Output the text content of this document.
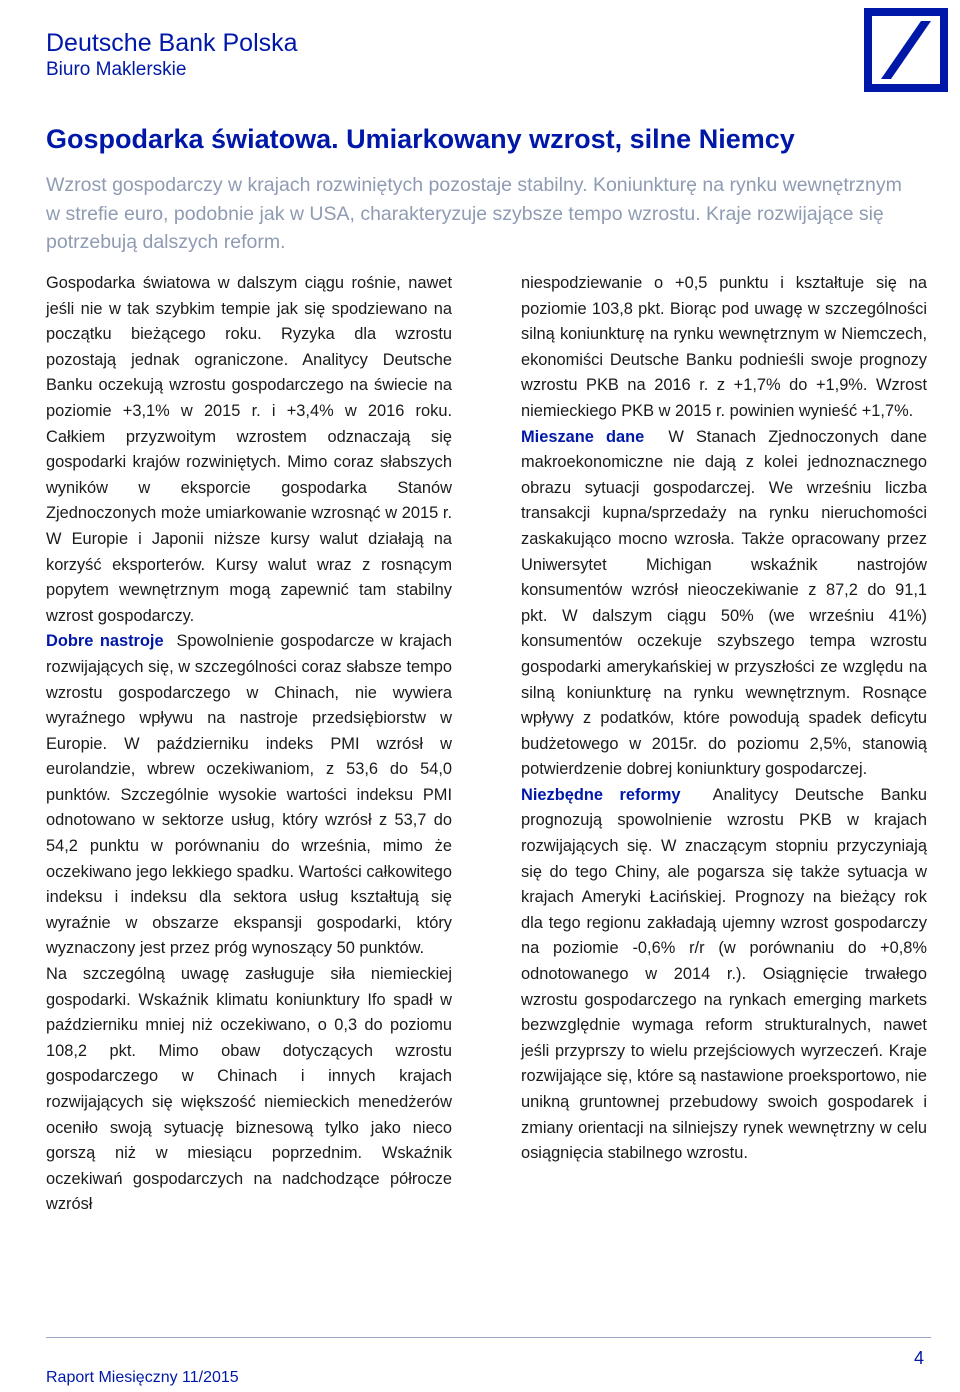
Deutsche Bank Polska
Biuro Maklerskie
Gospodarka światowa. Umiarkowany wzrost, silne Niemcy

Wzrost gospodarczy w krajach rozwiniętych pozostaje stabilny. Koniunkturę na rynku wewnętrznym w strefie euro, podobnie jak w USA, charakteryzuje szybsze tempo wzrostu. Kraje rozwijające się potrzebują dalszych reform.

Gospodarka światowa w dalszym ciągu rośnie, nawet jeśli nie w tak szybkim tempie jak się spodziewano na początku bieżącego roku. Ryzyka dla wzrostu pozostają jednak ograniczone. Analitycy Deutsche Banku oczekują wzrostu gospodarczego na świecie na poziomie +3,1% w 2015 r. i +3,4% w 2016 roku. Całkiem przyzwoitym wzrostem odznaczają się gospodarki krajów rozwiniętych. Mimo coraz słabszych wyników w eksporcie gospodarka Stanów Zjednoczonych może umiarkowanie wzrosnąć w 2015 r. W Europie i Japonii niższe kursy walut działają na korzyść eksporterów. Kursy walut wraz z rosnącym popytem wewnętrznym mogą zapewnić tam stabilny wzrost gospodarczy.

Dobre nastroje Spowolnienie gospodarcze w krajach rozwijających się, w szczególności coraz słabsze tempo wzrostu gospodarczego w Chinach, nie wywiera wyraźnego wpływu na nastroje przedsiębiorstw w Europie. W październiku indeks PMI wzrósł w eurolandzie, wbrew oczekiwaniom, z 53,6 do 54,0 punktów. Szczególnie wysokie wartości indeksu PMI odnotowano w sektorze usług, który wzrósł z 53,7 do 54,2 punktu w porównaniu do września, mimo że oczekiwano jego lekkiego spadku. Wartości całkowitego indeksu i indeksu dla sektora usług kształtują się wyraźnie w obszarze ekspansji gospodarki, który wyznaczony jest przez próg wynoszący 50 punktów.

Na szczególną uwagę zasługuje siła niemieckiej gospodarki. Wskaźnik klimatu koniunktury Ifo spadł w październiku mniej niż oczekiwano, o 0,3 do poziomu 108,2 pkt. Mimo obaw dotyczących wzrostu gospodarczego w Chinach i innych krajach rozwijających się większość niemieckich menedżerów oceniło swoją sytuację biznesową tylko jako nieco gorszą niż w miesiącu poprzednim. Wskaźnik oczekiwań gospodarczych na nadchodzące półrocze wzrósł

niespodziewanie o +0,5 punktu i kształtuje się na poziomie 103,8 pkt. Biorąc pod uwagę w szczególności silną koniunkturę na rynku wewnętrznym w Niemczech, ekonomiści Deutsche Banku podnieśli swoje prognozy wzrostu PKB na 2016 r. z +1,7% do +1,9%. Wzrost niemieckiego PKB w 2015 r. powinien wynieść +1,7%.

Mieszane dane W Stanach Zjednoczonych dane makroekonomiczne nie dają z kolei jednoznacznego obrazu sytuacji gospodarczej. We wrześniu liczba transakcji kupna/sprzedaży na rynku nieruchomości zaskakująco mocno wzrosła. Także opracowany przez Uniwersytet Michigan wskaźnik nastrojów konsumentów wzrósł nieoczekiwanie z 87,2 do 91,1 pkt. W dalszym ciągu 50% (we wrześniu 41%) konsumentów oczekuje szybszego tempa wzrostu gospodarki amerykańskiej w przyszłości ze względu na silną koniunkturę na rynku wewnętrznym. Rosnące wpływy z podatków, które powodują spadek deficytu budżetowego w 2015r. do poziomu 2,5%, stanowią potwierdzenie dobrej koniunktury gospodarczej.

Niezbędne reformy Analitycy Deutsche Banku prognozują spowolnienie wzrostu PKB w krajach rozwijających się. W znaczącym stopniu przyczyniają się do tego Chiny, ale pogarsza się także sytuacja w krajach Ameryki Łacińskiej. Prognozy na bieżący rok dla tego regionu zakładają ujemny wzrost gospodarczy na poziomie -0,6% r/r (w porównaniu do +0,8% odnotowanego w 2014 r.). Osiągnięcie trwałego wzrostu gospodarczego na rynkach emerging markets bezwzględnie wymaga reform strukturalnych, nawet jeśli przyprszy to wielu przejściowych wyrzeczeń. Kraje rozwijające się, które są nastawione proeksportowo, nie unikną gruntownej przebudowy swoich gospodarek i zmiany orientacji na silniejszy rynek wewnętrzny w celu osiągnięcia stabilnego wzrostu.

Raport Miesięczny 11/2015
4
